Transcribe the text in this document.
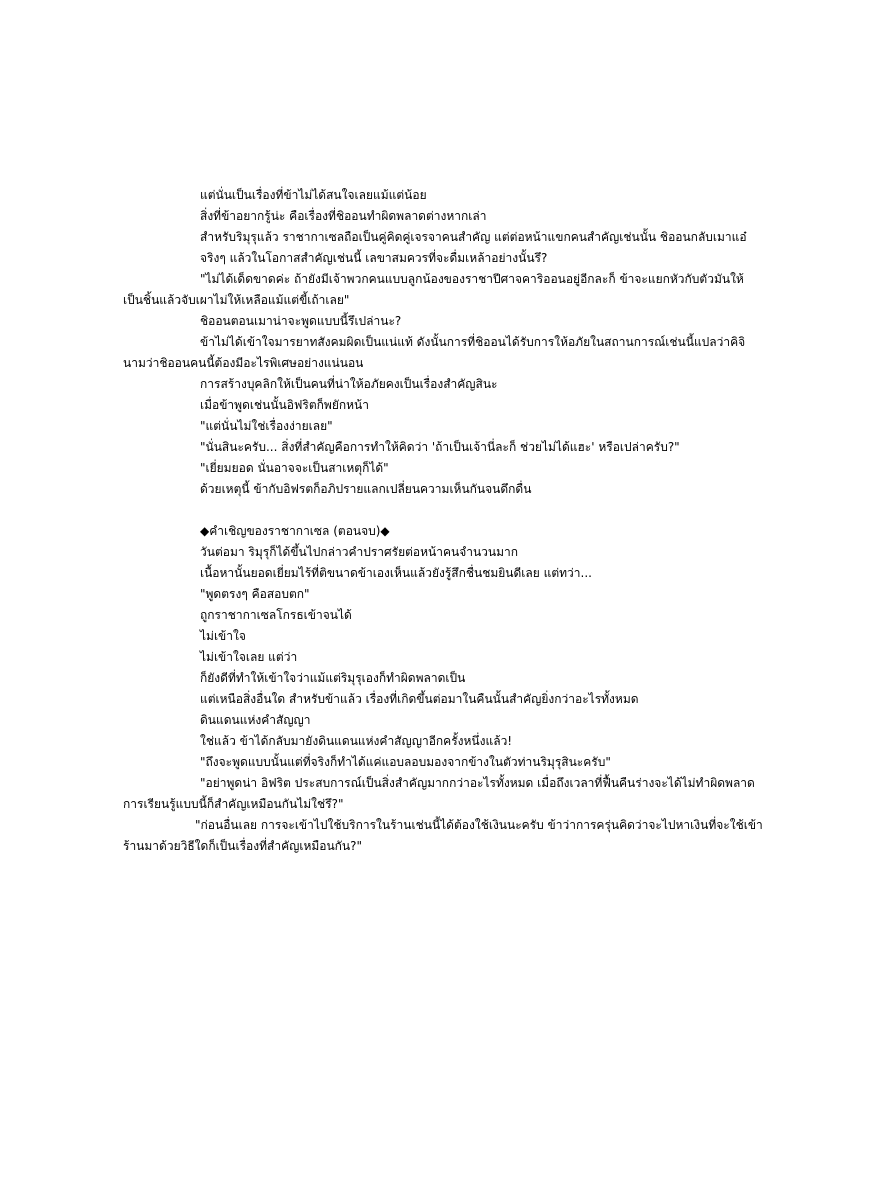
แต่นั่นเป็นเรื่องที่ข้าไม่ได้สนใจเลยแม้แต่น้อย

สิ่งที่ข้าอยากรู้น่ะ คือเรื่องที่ชิออนทำผิดพลาดต่างหากเล่า

สำหรับริมุรุแล้ว ราชากาเซลถือเป็นคู่คิดคู่เจรจาคนสำคัญ แต่ต่อหน้าแขกคนสำคัญเช่นนั้น ชิออนกลับเมาแอ๋

จริงๆ แล้วในโอกาสสำคัญเช่นนี้ เลขาสมควรที่จะดื่มเหล้าอย่างนั้นรึ?

"ไม่ได้เด็ดขาดค่ะ ถ้ายังมีเจ้าพวกคนแบบลูกน้องของราชาปีศาจคาริออนอยู่อีกละก็ ข้าจะแยกหัวกับตัวมันให้เป็นชิ้นแล้วจับเผาไม่ให้เหลือแม้แต่ขี้เถ้าเลย"

ชิออนตอนเมาน่าจะพูดแบบนี้รึเปล่านะ?

ข้าไม่ได้เข้าใจมารยาทสังคมผิดเป็นแน่แท้ ดังนั้นการที่ชิออนได้รับการให้อภัยในสถานการณ์เช่นนี้แปลว่าคิจินามว่าชิออนคนนี้ต้องมีอะไรพิเศษอย่างแน่นอน

การสร้างบุคลิกให้เป็นคนที่น่าให้อภัยคงเป็นเรื่องสำคัญสินะ

เมื่อข้าพูดเช่นนั้นอิฟริตก็พยักหน้า

"แต่นั่นไม่ใช่เรื่องง่ายเลย"

"นั่นสินะครับ... สิ่งที่สำคัญคือการทำให้คิดว่า 'ถ้าเป็นเจ้านี่ละก็ ช่วยไม่ได้แฮะ' หรือเปล่าครับ?"

"เยี่ยมยอด นั่นอาจจะเป็นสาเหตุก็ได้"

ด้วยเหตุนี้ ข้ากับอิฟรตก็อภิปรายแลกเปลี่ยนความเห็นกันจนดึกดื่น

◆คำเชิญของราชากาเซล (ตอนจบ)◆

วันต่อมา ริมุรุก็ได้ขึ้นไปกล่าวคำปราศรัยต่อหน้าคนจำนวนมาก

เนื้อหานั้นยอดเยี่ยมไร้ที่ติขนาดข้าเองเห็นแล้วยังรู้สึกชื่นชมยินดีเลย แต่ทว่า...

"พูดตรงๆ คือสอบตก"

ถูกราชากาเซลโกรธเข้าจนได้

ไม่เข้าใจ

ไม่เข้าใจเลย แต่ว่า

ก็ยังดีที่ทำให้เข้าใจว่าแม้แต่ริมุรุเองก็ทำผิดพลาดเป็น

แต่เหนือสิ่งอื่นใด สำหรับข้าแล้ว เรื่องที่เกิดขึ้นต่อมาในคืนนั้นสำคัญยิ่งกว่าอะไรทั้งหมด

ดินแดนแห่งคำสัญญา

ใช่แล้ว ข้าได้กลับมายังดินแดนแห่งคำสัญญาอีกครั้งหนึ่งแล้ว!

"ถึงจะพูดแบบนั้นแต่ที่จริงก็ทำได้แค่แอบลอบมองจากข้างในตัวท่านริมุรุสินะครับ"

"อย่าพูดน่า อิฟริต ประสบการณ์เป็นสิ่งสำคัญมากกว่าอะไรทั้งหมด เมื่อถึงเวลาที่ฟื้นคืนร่างจะได้ไม่ทำผิดพลาด การเรียนรู้แบบนี้ก็สำคัญเหมือนกันไม่ใช่รึ?"

"ก่อนอื่นเลย การจะเข้าไปใช้บริการในร้านเช่นนี้ได้ต้องใช้เงินนะครับ ข้าว่าการครุ่นคิดว่าจะไปหาเงินที่จะใช้เข้าร้านมาด้วยวิธีใดก็เป็นเรื่องที่สำคัญเหมือนกัน?"
